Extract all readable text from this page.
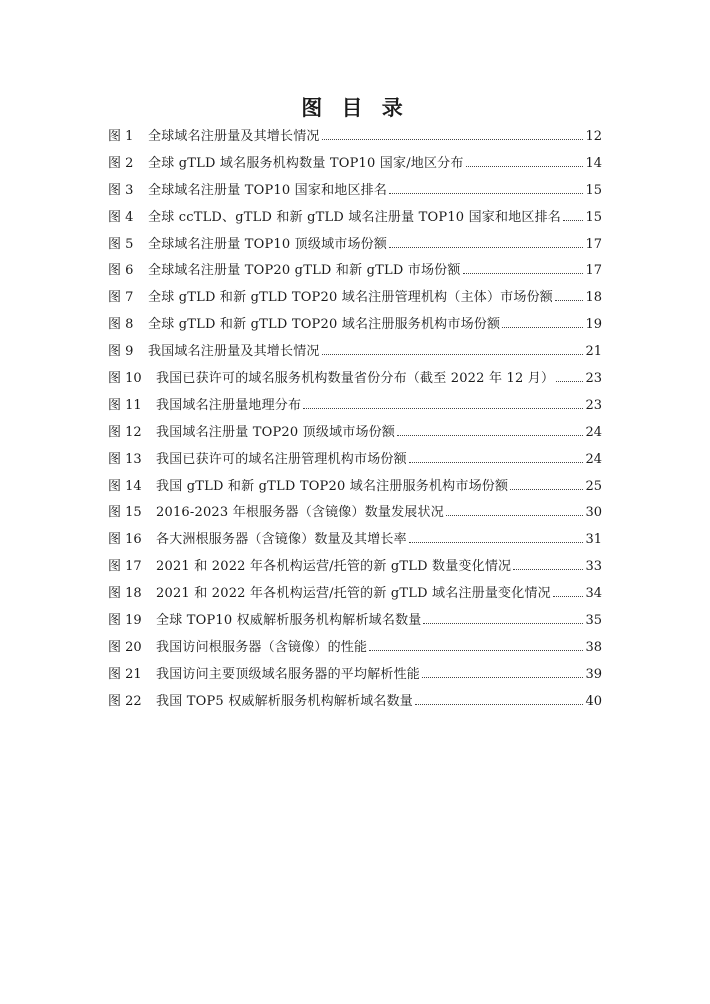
图 目 录
图 1	全球域名注册量及其增长情况	12
图 2	全球 gTLD 域名服务机构数量 TOP10 国家/地区分布	14
图 3	全球域名注册量 TOP10 国家和地区排名	15
图 4	全球 ccTLD、gTLD 和新 gTLD 域名注册量 TOP10 国家和地区排名 15
图 5	全球域名注册量 TOP10 顶级域市场份额	17
图 6	全球域名注册量 TOP20 gTLD 和新 gTLD 市场份额	17
图 7	全球 gTLD 和新 gTLD TOP20 域名注册管理机构（主体）市场份额 18
图 8	全球 gTLD 和新 gTLD TOP20 域名注册服务机构市场份额	19
图 9	我国域名注册量及其增长情况	21
图 10	我国已获许可的域名服务机构数量省份分布（截至 2022 年 12 月） 23
图 11	我国域名注册量地理分布	23
图 12	我国域名注册量 TOP20 顶级域市场份额	24
图 13	我国已获许可的域名注册管理机构市场份额	24
图 14	我国 gTLD 和新 gTLD TOP20 域名注册服务机构市场份额	25
图 15	2016-2023 年根服务器（含镜像）数量发展状况	30
图 16	各大洲根服务器（含镜像）数量及其增长率	31
图 17	2021 和 2022 年各机构运营/托管的新 gTLD 数量变化情况	33
图 18	2021 和 2022 年各机构运营/托管的新 gTLD 域名注册量变化情况	34
图 19	全球 TOP10 权威解析服务机构解析域名数量	35
图 20	我国访问根服务器（含镜像）的性能	38
图 21	我国访问主要顶级域名服务器的平均解析性能	39
图 22	我国 TOP5 权威解析服务机构解析域名数量	40
